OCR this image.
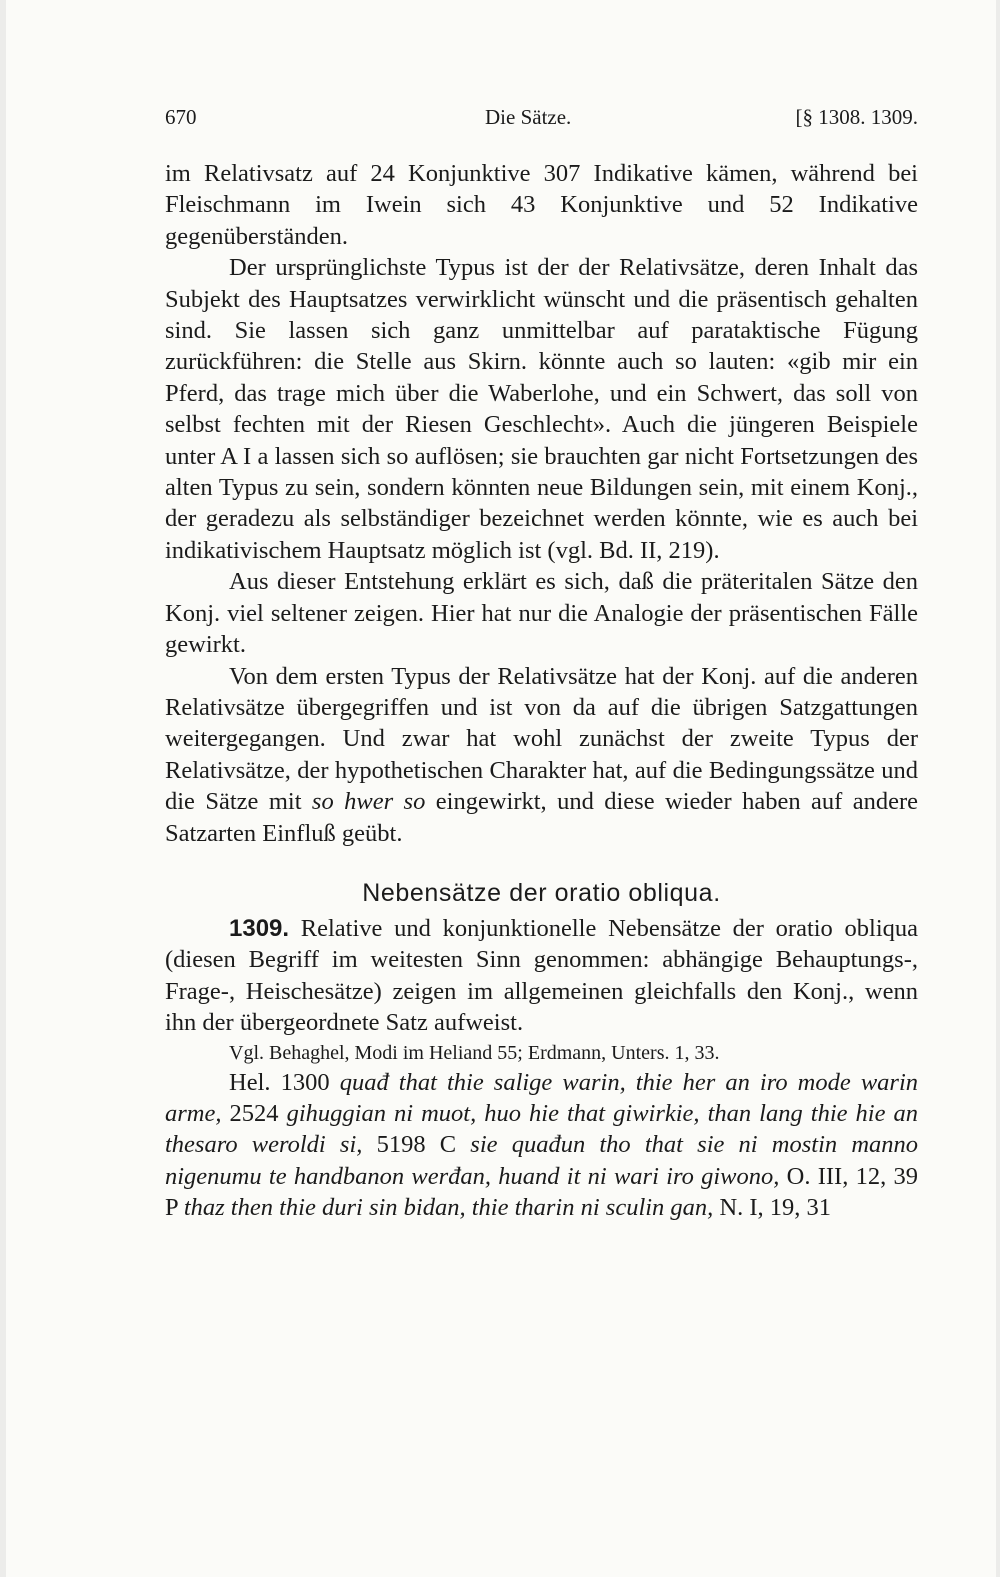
670	Die Sätze.	[§ 1308. 1309.

im Relativsatz auf 24 Konjunktive 307 Indikative kämen, während bei Fleischmann im Iwein sich 43 Konjunktive und 52 Indikative gegenüberständen.

Der ursprünglichste Typus ist der der Relativsätze, deren Inhalt das Subjekt des Hauptsatzes verwirklicht wünscht und die präsentisch gehalten sind. Sie lassen sich ganz unmittelbar auf parataktische Fügung zurückführen: die Stelle aus Skirn. könnte auch so lauten: «gib mir ein Pferd, das trage mich über die Waberlohe, und ein Schwert, das soll von selbst fechten mit der Riesen Geschlecht». Auch die jüngeren Beispiele unter A I a lassen sich so auflösen; sie brauchten gar nicht Fortsetzungen des alten Typus zu sein, sondern könnten neue Bildungen sein, mit einem Konj., der geradezu als selbständiger bezeichnet werden könnte, wie es auch bei indikativischem Hauptsatz möglich ist (vgl. Bd. II, 219).

Aus dieser Entstehung erklärt es sich, daß die präteritalen Sätze den Konj. viel seltener zeigen. Hier hat nur die Analogie der präsentischen Fälle gewirkt.

Von dem ersten Typus der Relativsätze hat der Konj. auf die anderen Relativsätze übergegriffen und ist von da auf die übrigen Satzgattungen weitergegangen. Und zwar hat wohl zunächst der zweite Typus der Relativsätze, der hypothetischen Charakter hat, auf die Bedingungssätze und die Sätze mit so hwer so eingewirkt, und diese wieder haben auf andere Satzarten Einfluß geübt.

Nebensätze der oratio obliqua.

1309. Relative und konjunktionelle Nebensätze der oratio obliqua (diesen Begriff im weitesten Sinn genommen: abhängige Behauptungs-, Frage-, Heischesätze) zeigen im allgemeinen gleichfalls den Konj., wenn ihn der übergeordnete Satz aufweist.

Vgl. Behaghel, Modi im Heliand 55; Erdmann, Unters. 1, 33.

Hel. 1300 quađ that thie salige warin, thie her an iro mode warin arme, 2524 gihuggian ni muot, huo hie that giwirkie, than lang thie hie an thesaro weroldi si, 5198 C sie quađun tho that sie ni mostin manno nigenumu te handbanon werđan, huand it ni wari iro giwono, O. III, 12, 39 P thaz then thie duri sin bidan, thie tharin ni sculin gan, N. I, 19, 31
